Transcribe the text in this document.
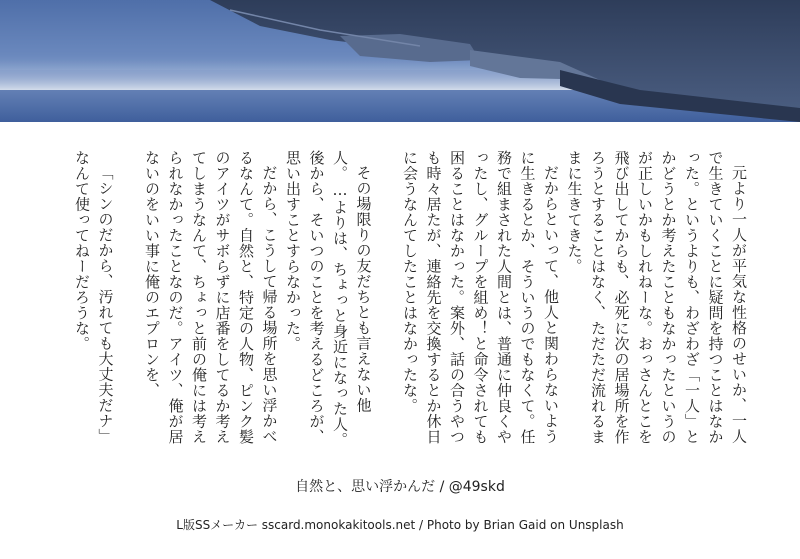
元より一人が平気な性格のせいか、一人で生きていくことに疑問を持つことはなかった。というよりも、わざわざ「一人」とかどうとか考えたこともなかったというのが正しいかもしれねーな。おっさんとこを飛び出してからも、必死に次の居場所を作ろうとすることはなく、ただただ流れるままに生きてきた。

だからといって、他人と関わらないように生きるとか、そういうのでもなくて。任務で組まされた人間とは、普通に仲良くやったし、グループを組め！と命令されても困ることはなかった。案外、話の合うやつも時々居たが、連絡先を交換するとか休日に会うなんてしたことはなかったな。

その場限りの友だちとも言えない他人。…よりは、ちょっと身近になった人。後から、そいつのことを考えるどころが、思い出すことすらなかった。

だから、こうして帰る場所を思い浮かべるなんて。自然と、特定の人物、ピンク髪のアイツがサボらずに店番をしてるか考えてしまうなんて、ちょっと前の俺には考えられなかったことなのだ。アイツ、俺が居ないのをいい事に俺のエプロンを、

「シンのだから、汚れても大丈夫だナ」なんて使ってねーだろうな。

自然と、思い浮かんだ / @49skd
L版SSメーカー sscard.monokakitools.net / Photo by Brian Gaid on Unsplash
